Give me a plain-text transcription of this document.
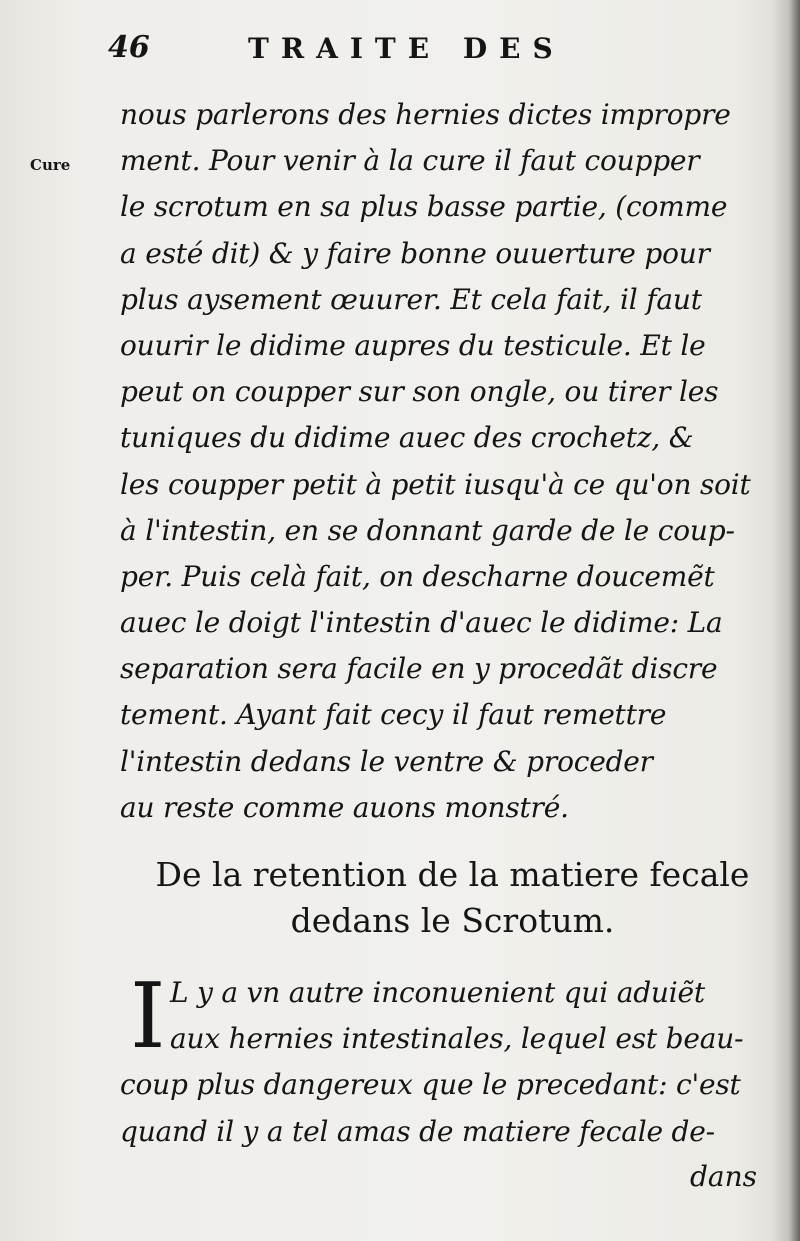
46	TRAITE DES
Cure
nous parlerons des hernies dictes impropre
ment. Pour venir à la cure il faut coupper
le scrotum en sa plus basse partie, (comme
a esté dit) & y faire bonne ouuerture pour
plus aysement œuurer. Et cela fait, il faut
ouurir le didime aupres du testicule. Et le
peut on coupper sur son ongle, ou tirer les
tuniques du didime auec des crochetz, &
les coupper petit à petit iusqu'à ce qu'on soit
à l'intestin, en se donnant garde de le coup-
per. Puis celà fait, on descharne doucemẽt
auec le doigt l'intestin d'auec le didime: La
separation sera facile en y procedãt discre
tement. Ayant fait cecy il faut remettre
l'intestin dedans le ventre & proceder
au reste comme auons monstré.
De la retention de la matiere fecale
dedans le Scrotum.
I L y a vn autre inconuenient qui aduiẽt
aux hernies intestinales, lequel est beau-
coup plus dangereux que le precedant: c'est
quand il y a tel amas de matiere fecale de-
dans
